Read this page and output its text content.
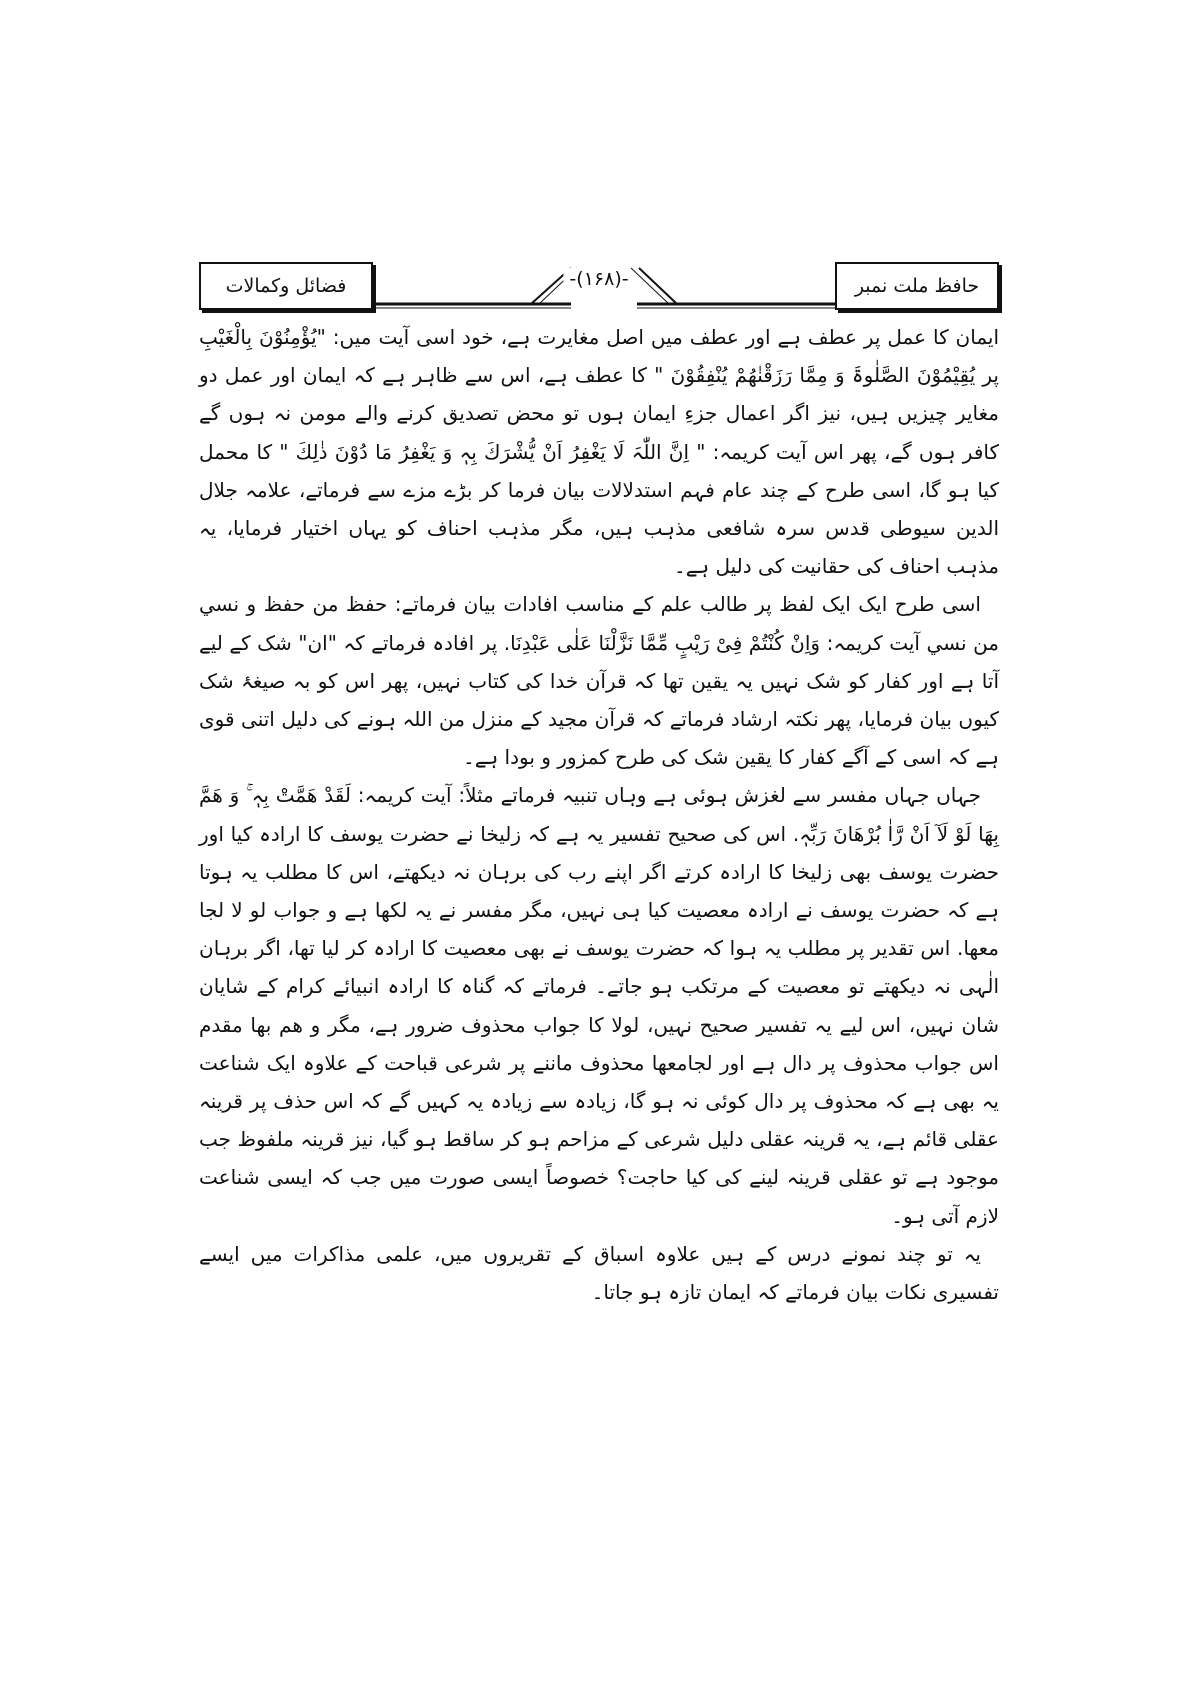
فضائل وکمالات	-(۱۶۸)-	حافظ ملت نمبر

ایمان کا عمل پر عطف ہے اور عطف میں اصل مغایرت ہے، خود اسی آیت میں: "یُؤْمِنُوْنَ بِالْغَیْبِ پر یُقِیْمُوْنَ الصَّلٰوۃَ وَ مِمَّا رَزَقْنٰھُمْ یُنْفِقُوْنَ " کا عطف ہے، اس سے ظاہر ہے کہ ایمان اور عمل دو مغایر چیزیں ہیں، نیز اگر اعمال جزءِ ایمان ہوں تو محض تصدیق کرنے والے مومن نہ ہوں گے کافر ہوں گے، پھر اس آیت کریمہ: " اِنَّ اللّٰہَ لَا یَغْفِرُ اَنْ یُّشْرَكَ بِہٖ وَ یَغْفِرُ مَا دُوْنَ ذٰلِكَ " کا محمل کیا ہو گا، اسی طرح کے چند عام فہم استدلالات بیان فرما کر بڑے مزے سے فرماتے، علامہ جلال الدین سیوطی قدس سرہ شافعی مذہب ہیں، مگر مذہب احناف کو یہاں اختیار فرمایا، یہ مذہب احناف کی حقانیت کی دلیل ہے۔

اسی طرح ایک ایک لفظ پر طالب علم کے مناسب افادات بیان فرماتے: حفظ من حفظ و نسي من نسي آیت کریمہ: وَاِنْ كُنْتُمْ فِیْ رَیْبٍ مِّمَّا نَزَّلْنَا عَلٰی عَبْدِنَا. پر افادہ فرماتے کہ "ان" شک کے لیے آتا ہے اور کفار کو شک نہیں یہ یقین تھا کہ قرآن خدا کی کتاب نہیں، پھر اس کو بہ صیغۂ شک کیوں بیان فرمایا، پھر نکتہ ارشاد فرماتے کہ قرآن مجید کے منزل من اللہ ہونے کی دلیل اتنی قوی ہے کہ اسی کے آگے کفار کا یقین شک کی طرح کمزور و بودا ہے۔

جہاں جہاں مفسر سے لغزش ہوئی ہے وہاں تنبیہ فرماتے مثلاً: آیت کریمہ: لَقَدْ ھَمَّتْ بِہٖ ۚ وَ ھَمَّ بِھَا لَوْ لَآ اَنْ رَّاٰ بُرْھَانَ رَبِّہٖ. اس کی صحیح تفسیر یہ ہے کہ زلیخا نے حضرت یوسف کا ارادہ کیا اور حضرت یوسف بھی زلیخا کا ارادہ کرتے اگر اپنے رب کی برہان نہ دیکھتے، اس کا مطلب یہ ہوتا ہے کہ حضرت یوسف نے ارادہ معصیت کیا ہی نہیں، مگر مفسر نے یہ لکھا ہے و جواب لو لا لجا معها. اس تقدیر پر مطلب یہ ہوا کہ حضرت یوسف نے بھی معصیت کا ارادہ کر لیا تھا، اگر برہان الٰہی نہ دیکھتے تو معصیت کے مرتکب ہو جاتے۔ فرماتے کہ گناہ کا ارادہ انبیائے کرام کے شایان شان نہیں، اس لیے یہ تفسیر صحیح نہیں، لولا کا جواب محذوف ضرور ہے، مگر و هم بها مقدم اس جواب محذوف پر دال ہے اور لجامعها محذوف ماننے پر شرعی قباحت کے علاوہ ایک شناعت یہ بھی ہے کہ محذوف پر دال کوئی نہ ہو گا، زیادہ سے زیادہ یہ کہیں گے کہ اس حذف پر قرینہ عقلی قائم ہے، یہ قرینہ عقلی دلیل شرعی کے مزاحم ہو کر ساقط ہو گیا، نیز قرینہ ملفوظ جب موجود ہے تو عقلی قرینہ لینے کی کیا حاجت؟ خصوصاً ایسی صورت میں جب کہ ایسی شناعت لازم آتی ہو۔

یہ تو چند نمونے درس کے ہیں علاوہ اسباق کے تقریروں میں، علمی مذاکرات میں ایسے تفسیری نکات بیان فرماتے کہ ایمان تازہ ہو جاتا۔
